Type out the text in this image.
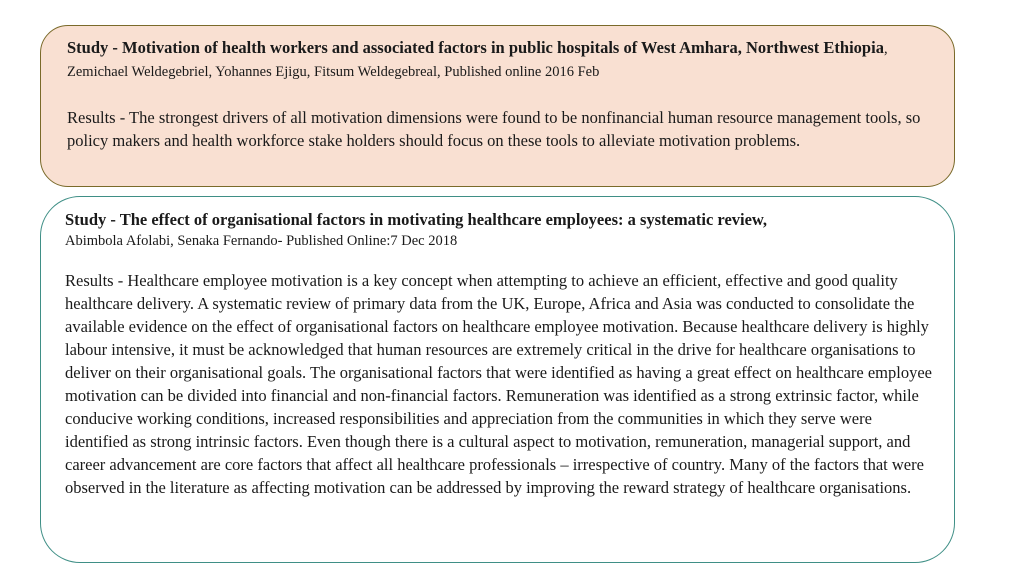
Study - Motivation of health workers and associated factors in public hospitals of West Amhara, Northwest Ethiopia, Zemichael Weldegebriel, Yohannes Ejigu, Fitsum Weldegebreal, Published online 2016 Feb

Results - The strongest drivers of all motivation dimensions were found to be nonfinancial human resource management tools, so policy makers and health workforce stake holders should focus on these tools to alleviate motivation problems.

Study - The effect of organisational factors in motivating healthcare employees: a systematic review,

Abimbola Afolabi, Senaka Fernando- Published Online:7 Dec 2018

Results - Healthcare employee motivation is a key concept when attempting to achieve an efficient, effective and good quality healthcare delivery. A systematic review of primary data from the UK, Europe, Africa and Asia was conducted to consolidate the available evidence on the effect of organisational factors on healthcare employee motivation. Because healthcare delivery is highly labour intensive, it must be acknowledged that human resources are extremely critical in the drive for healthcare organisations to deliver on their organisational goals. The organisational factors that were identified as having a great effect on healthcare employee motivation can be divided into financial and non-financial factors. Remuneration was identified as a strong extrinsic factor, while conducive working conditions, increased responsibilities and appreciation from the communities in which they serve were identified as strong intrinsic factors. Even though there is a cultural aspect to motivation, remuneration, managerial support, and career advancement are core factors that affect all healthcare professionals – irrespective of country. Many of the factors that were observed in the literature as affecting motivation can be addressed by improving the reward strategy of healthcare organisations.
